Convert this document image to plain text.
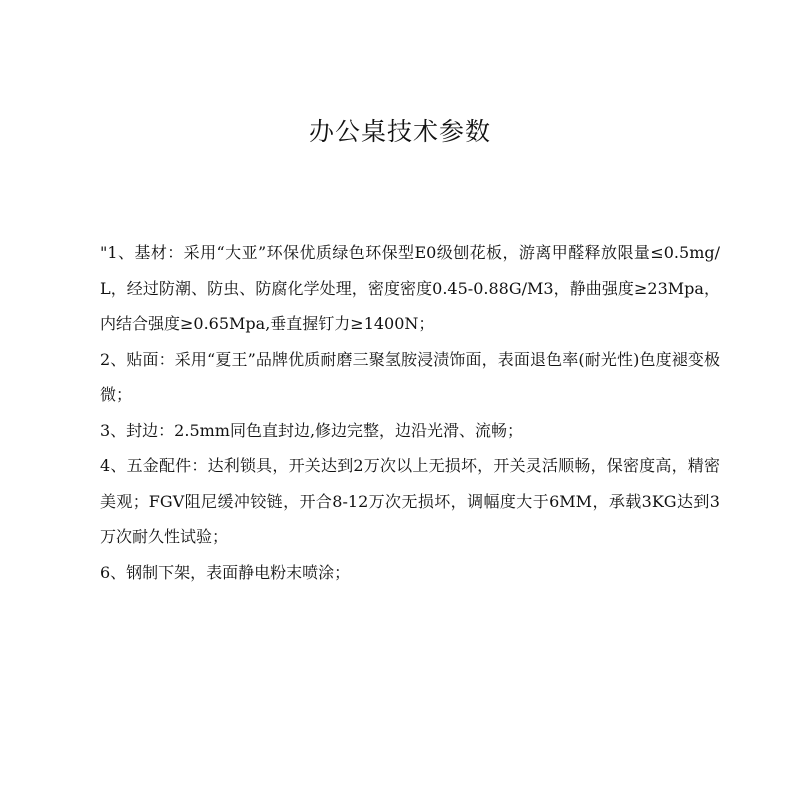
办公桌技术参数

"1、基材：采用“大亚”环保优质绿色环保型E0级刨花板，游离甲醛释放限量≤0.5mg/L，经过防潮、防虫、防腐化学处理，密度密度0.45-0.88G/M3，静曲强度≥23Mpa，内结合强度≥0.65Mpa,垂直握钉力≥1400N；

2、贴面：采用“夏王”品牌优质耐磨三聚氢胺浸渍饰面，表面退色率(耐光性)色度褪变极微；

3、封边：2.5mm同色直封边,修边完整，边沿光滑、流畅；

4、五金配件：达利锁具，开关达到2万次以上无损坏，开关灵活顺畅，保密度高，精密美观；FGV阻尼缓冲铰链，开合8-12万次无损坏，调幅度大于6MM，承载3KG达到3万次耐久性试验；

6、钢制下架，表面静电粉末喷涂；
